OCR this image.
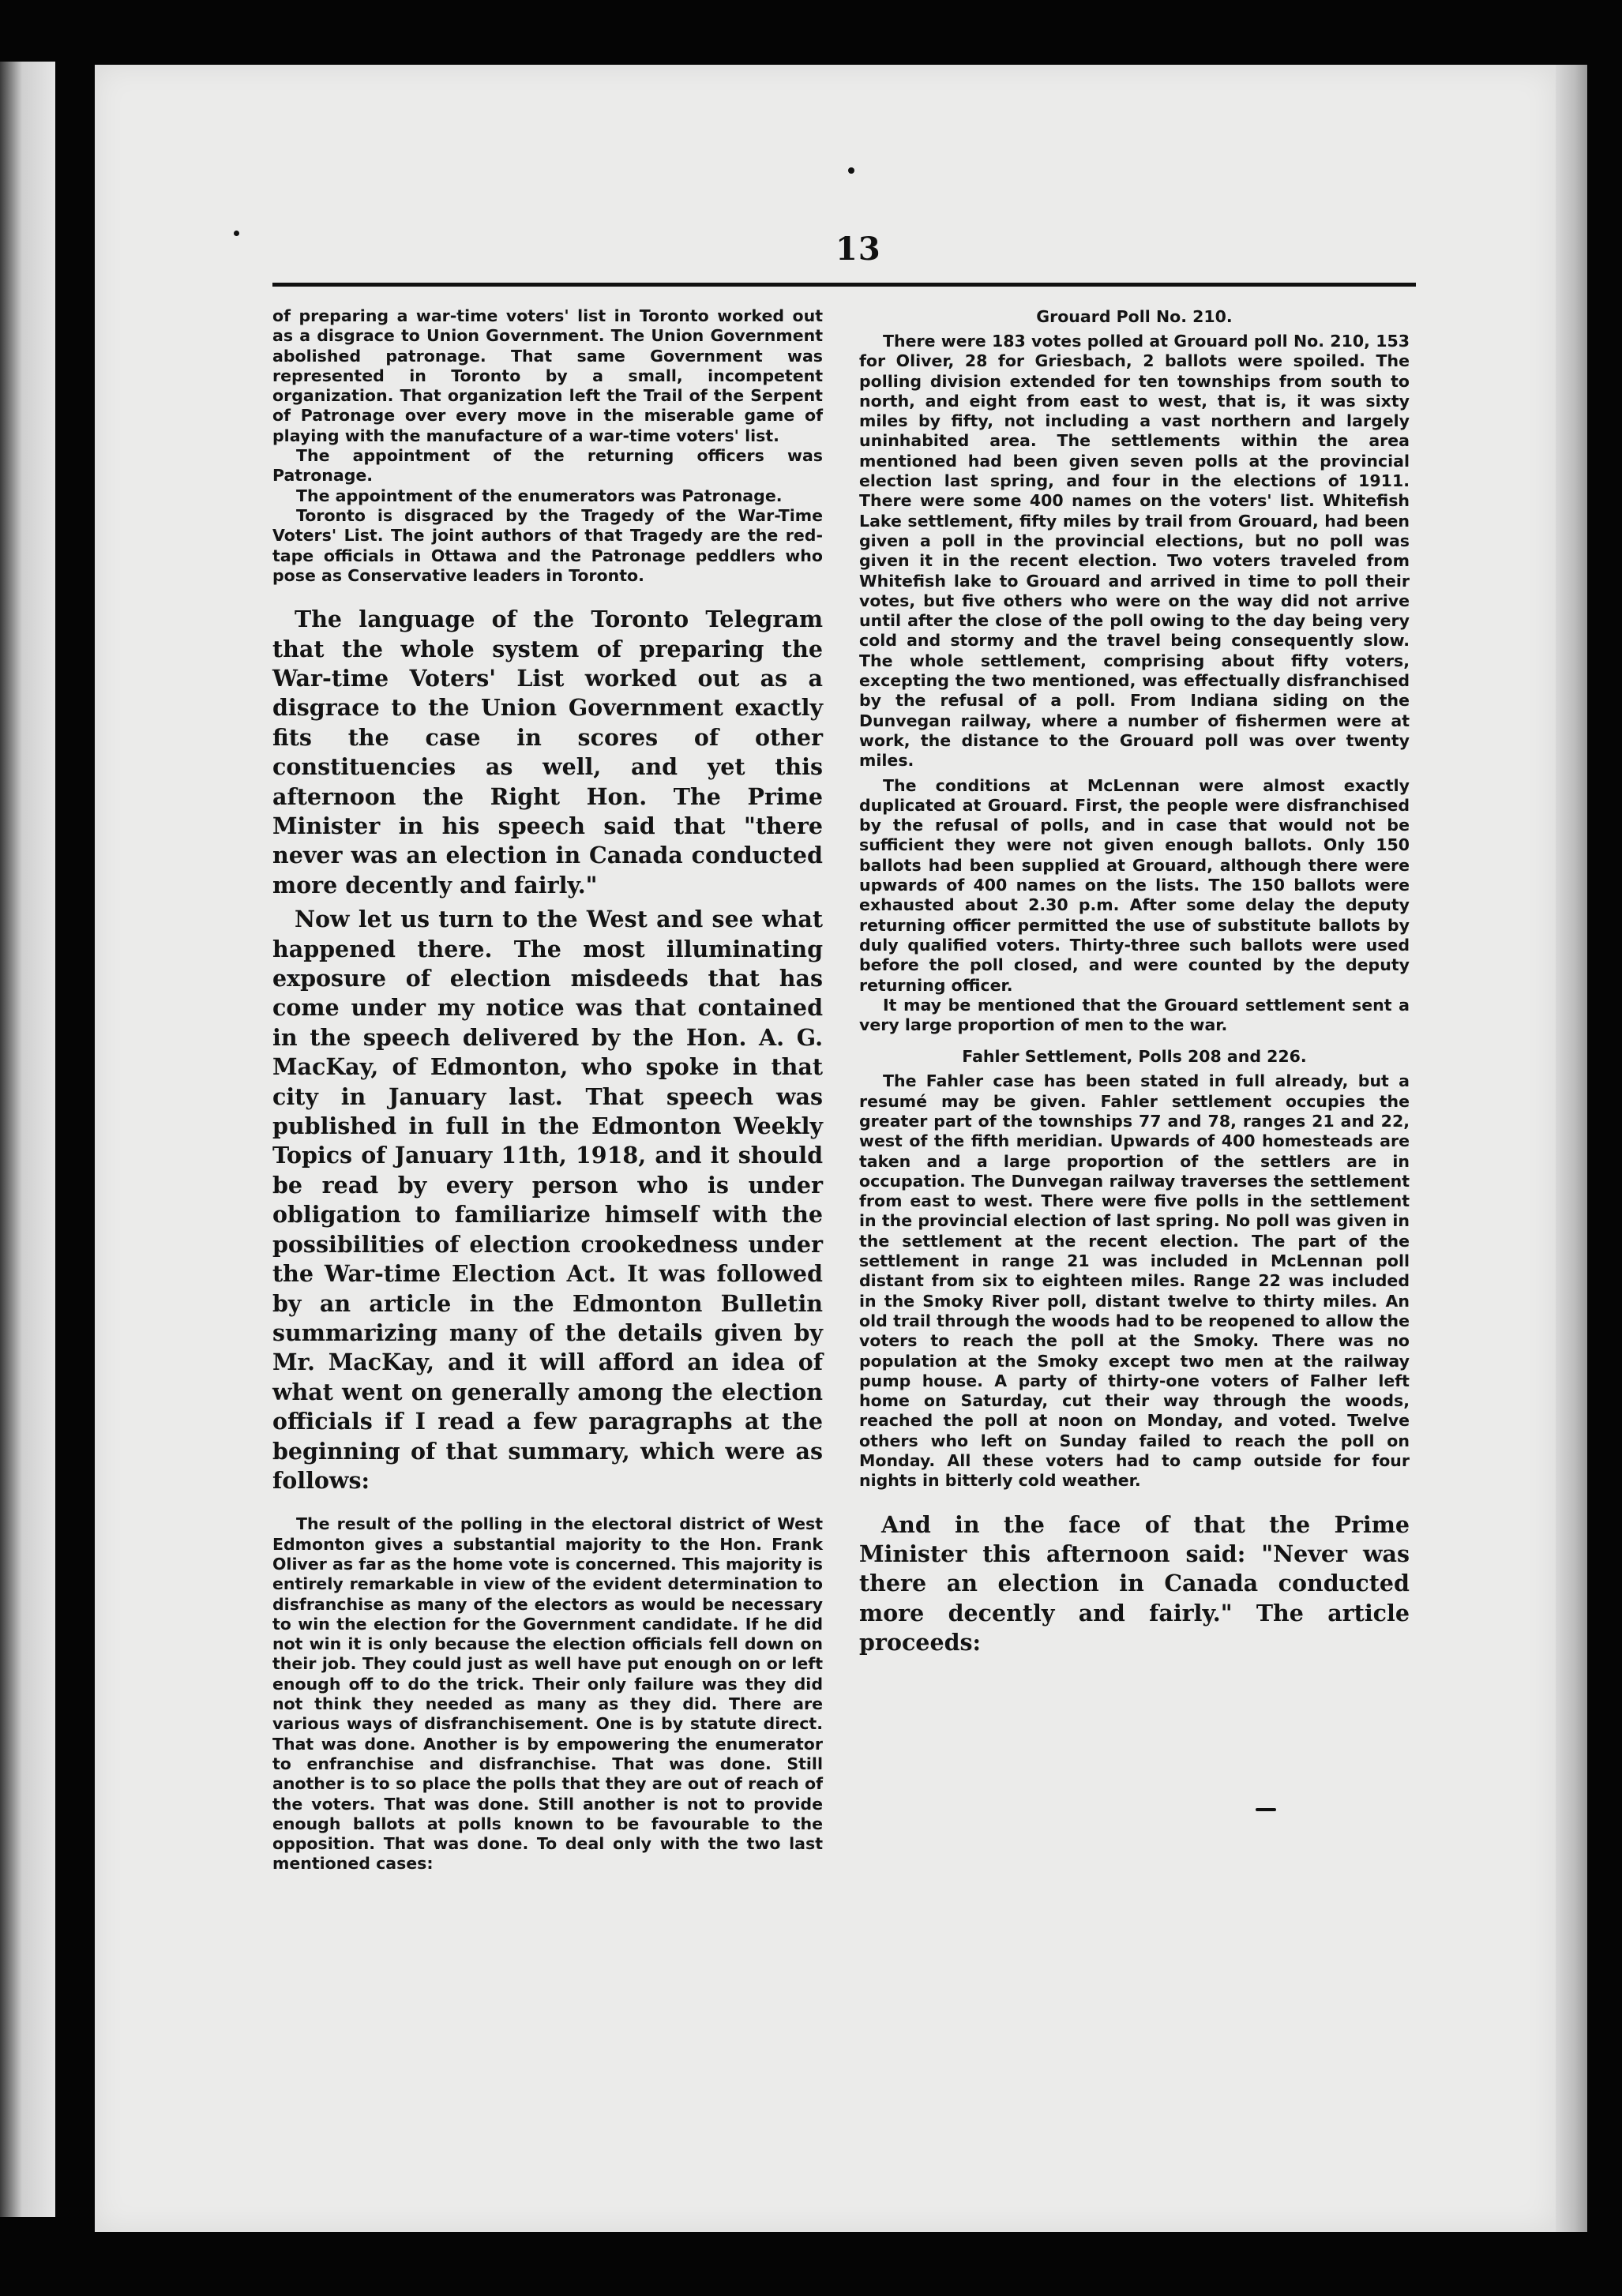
13

of preparing a war-time voters' list in Toronto worked out as a disgrace to Union Government. The Union Government abolished patronage. That same Government was represented in Toronto by a small, incompetent organization. That organization left the Trail of the Serpent of Patronage over every move in the miserable game of playing with the manufacture of a war-time voters' list.

The appointment of the returning officers was Patronage.

The appointment of the enumerators was Patronage.

Toronto is disgraced by the Tragedy of the War-Time Voters' List. The joint authors of that Tragedy are the red-tape officials in Ottawa and the Patronage peddlers who pose as Conservative leaders in Toronto.

The language of the Toronto Telegram that the whole system of preparing the War-time Voters' List worked out as a disgrace to the Union Government exactly fits the case in scores of other constituencies as well, and yet this afternoon the Right Hon. The Prime Minister in his speech said that "there never was an election in Canada conducted more decently and fairly."

Now let us turn to the West and see what happened there. The most illuminating exposure of election misdeeds that has come under my notice was that contained in the speech delivered by the Hon. A. G. MacKay, of Edmonton, who spoke in that city in January last. That speech was published in full in the Edmonton Weekly Topics of January 11th, 1918, and it should be read by every person who is under obligation to familiarize himself with the possibilities of election crookedness under the War-time Election Act. It was followed by an article in the Edmonton Bulletin summarizing many of the details given by Mr. MacKay, and it will afford an idea of what went on generally among the election officials if I read a few paragraphs at the beginning of that summary, which were as follows:

The result of the polling in the electoral district of West Edmonton gives a substantial majority to the Hon. Frank Oliver as far as the home vote is concerned. This majority is entirely remarkable in view of the evident determination to disfranchise as many of the electors as would be necessary to win the election for the Government candidate. If he did not win it is only because the election officials fell down on their job. They could just as well have put enough on or left enough off to do the trick. Their only failure was they did not think they needed as many as they did. There are various ways of disfranchisement. One is by statute direct. That was done. Another is by empowering the enumerator to enfranchise and disfranchise. That was done. Still another is to so place the polls that they are out of reach of the voters. That was done. Still another is not to provide enough ballots at polls known to be favourable to the opposition. That was done. To deal only with the two last mentioned cases:

Grouard Poll No. 210.

There were 183 votes polled at Grouard poll No. 210, 153 for Oliver, 28 for Griesbach, 2 ballots were spoiled. The polling division extended for ten townships from south to north, and eight from east to west, that is, it was sixty miles by fifty, not including a vast northern and largely uninhabited area. The settlements within the area mentioned had been given seven polls at the provincial election last spring, and four in the elections of 1911. There were some 400 names on the voters' list. Whitefish Lake settlement, fifty miles by trail from Grouard, had been given a poll in the provincial elections, but no poll was given it in the recent election. Two voters traveled from Whitefish lake to Grouard and arrived in time to poll their votes, but five others who were on the way did not arrive until after the close of the poll owing to the day being very cold and stormy and the travel being consequently slow. The whole settlement, comprising about fifty voters, excepting the two mentioned, was effectually disfranchised by the refusal of a poll. From Indiana siding on the Dunvegan railway, where a number of fishermen were at work, the distance to the Grouard poll was over twenty miles.

The conditions at McLennan were almost exactly duplicated at Grouard. First, the people were disfranchised by the refusal of polls, and in case that would not be sufficient they were not given enough ballots. Only 150 ballots had been supplied at Grouard, although there were upwards of 400 names on the lists. The 150 ballots were exhausted about 2.30 p.m. After some delay the deputy returning officer permitted the use of substitute ballots by duly qualified voters. Thirty-three such ballots were used before the poll closed, and were counted by the deputy returning officer.

It may be mentioned that the Grouard settlement sent a very large proportion of men to the war.

Fahler Settlement, Polls 208 and 226.

The Fahler case has been stated in full already, but a resumé may be given. Fahler settlement occupies the greater part of the townships 77 and 78, ranges 21 and 22, west of the fifth meridian. Upwards of 400 homesteads are taken and a large proportion of the settlers are in occupation. The Dunvegan railway traverses the settlement from east to west. There were five polls in the settlement in the provincial election of last spring. No poll was given in the settlement at the recent election. The part of the settlement in range 21 was included in McLennan poll distant from six to eighteen miles. Range 22 was included in the Smoky River poll, distant twelve to thirty miles. An old trail through the woods had to be reopened to allow the voters to reach the poll at the Smoky. There was no population at the Smoky except two men at the railway pump house. A party of thirty-one voters of Falher left home on Saturday, cut their way through the woods, reached the poll at noon on Monday, and voted. Twelve others who left on Sunday failed to reach the poll on Monday. All these voters had to camp outside for four nights in bitterly cold weather.

And in the face of that the Prime Minister this afternoon said: "Never was there an election in Canada conducted more decently and fairly." The article proceeds:
